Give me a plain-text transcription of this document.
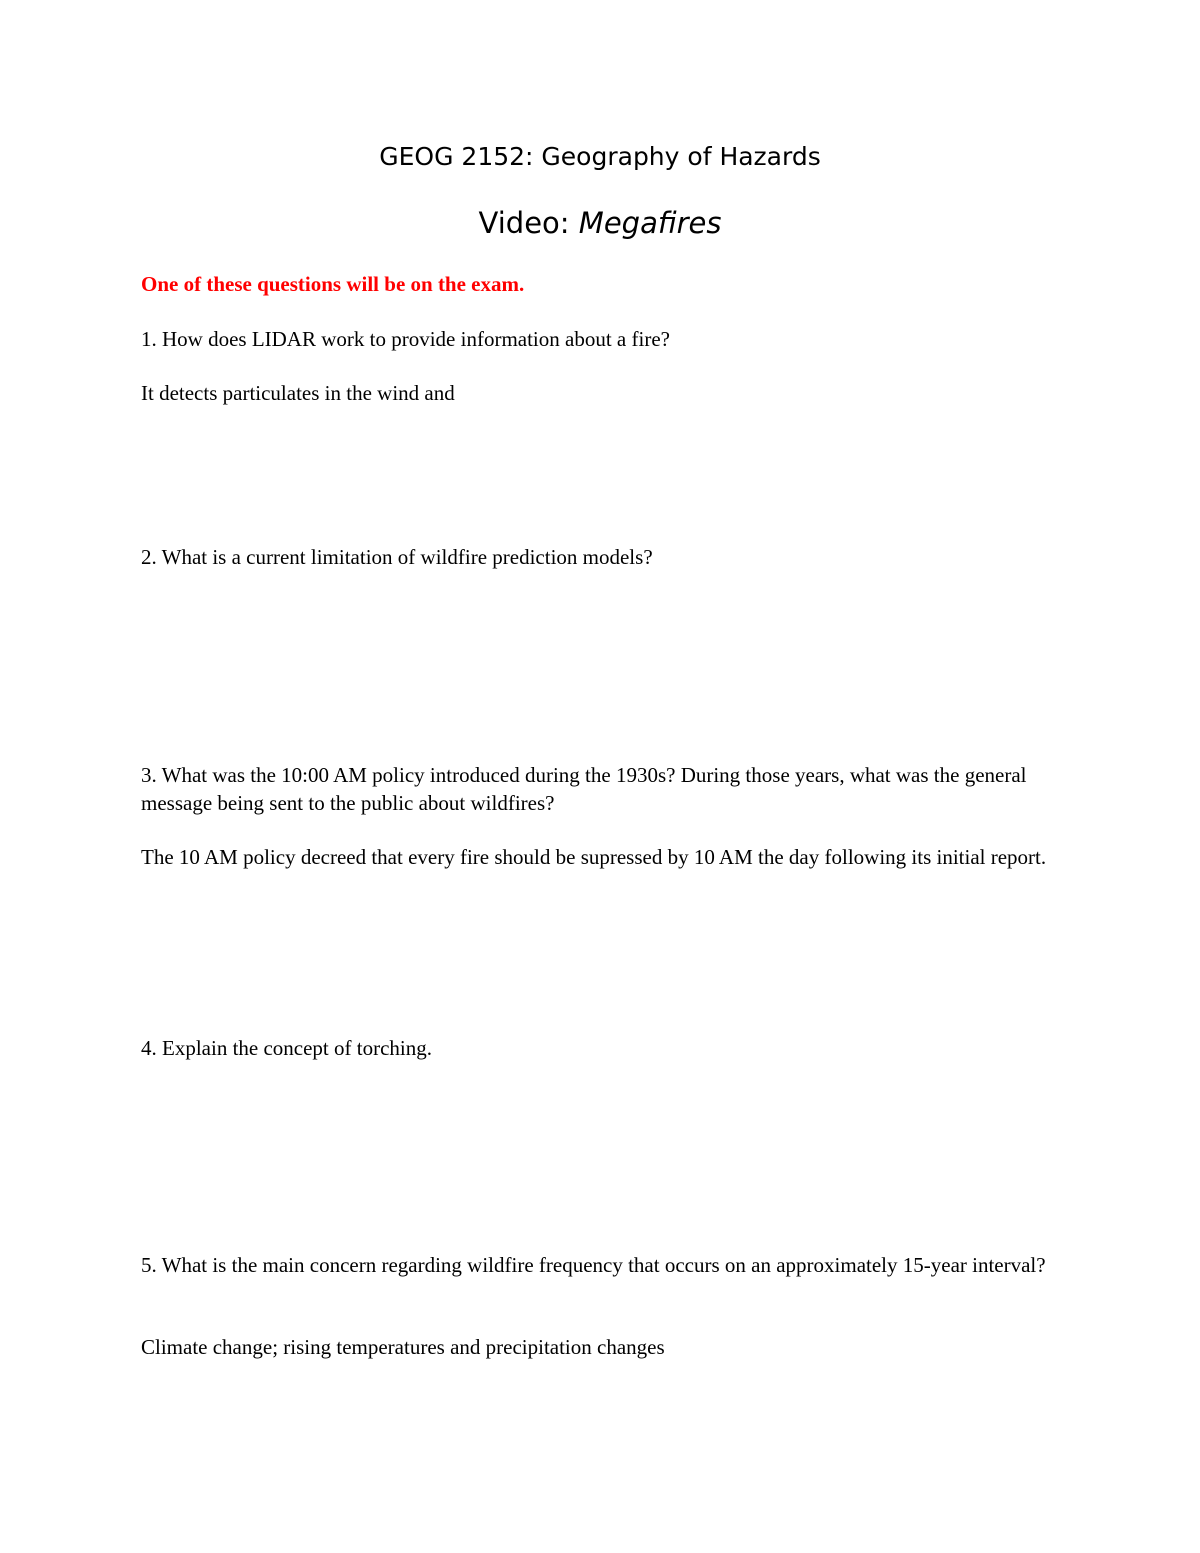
GEOG 2152: Geography of Hazards
Video: Megafires

One of these questions will be on the exam.

1. How does LIDAR work to provide information about a fire?

It detects particulates in the wind and

2. What is a current limitation of wildfire prediction models?

3. What was the 10:00 AM policy introduced during the 1930s? During those years, what was the general message being sent to the public about wildfires?

The 10 AM policy decreed that every fire should be supressed by 10 AM the day following its initial report.

4. Explain the concept of torching.

5. What is the main concern regarding wildfire frequency that occurs on an approximately 15-year interval?

Climate change; rising temperatures and precipitation changes
